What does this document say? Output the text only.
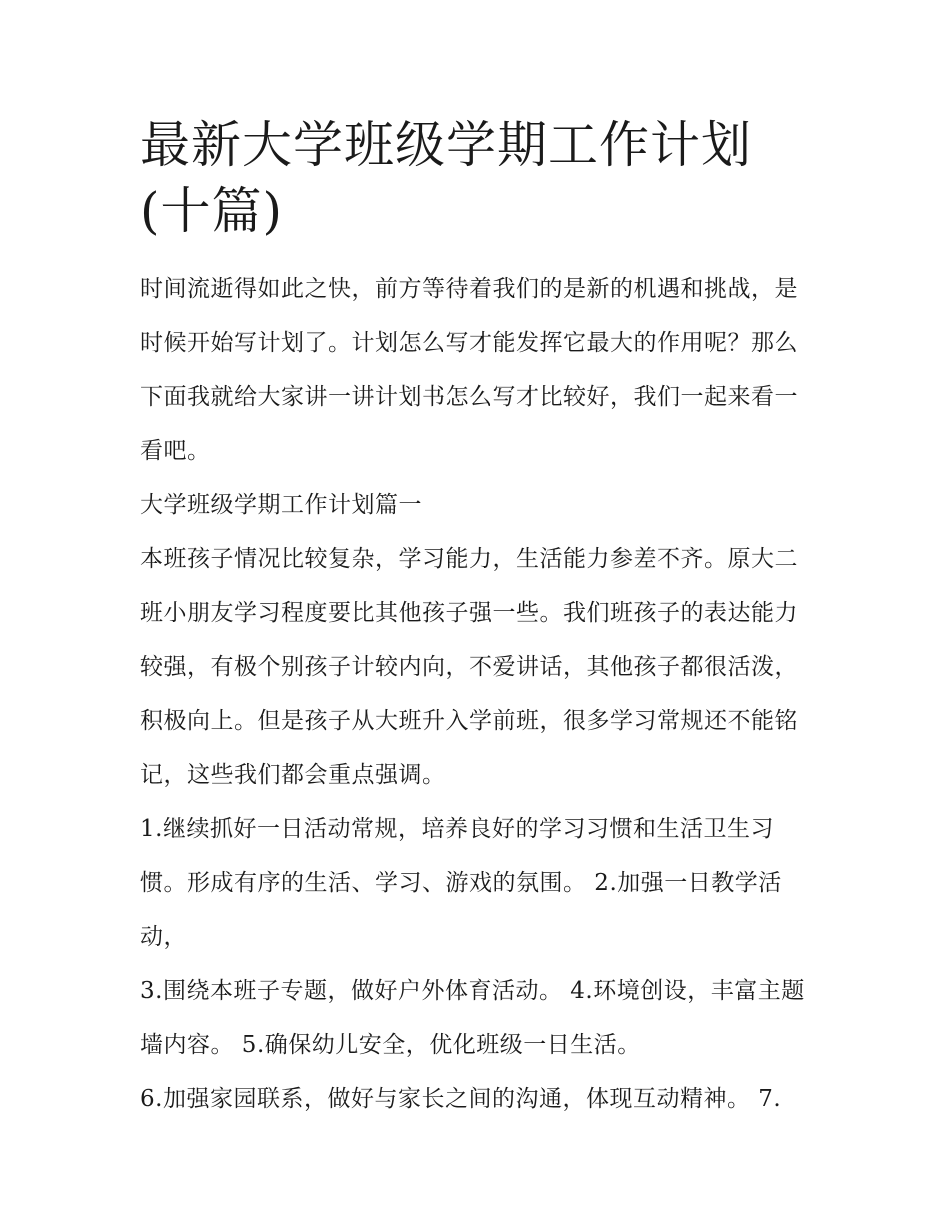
最新大学班级学期工作计划(十篇)

时间流逝得如此之快，前方等待着我们的是新的机遇和挑战，是时候开始写计划了。计划怎么写才能发挥它最大的作用呢？那么下面我就给大家讲一讲计划书怎么写才比较好，我们一起来看一看吧。

大学班级学期工作计划篇一

本班孩子情况比较复杂，学习能力，生活能力参差不齐。原大二班小朋友学习程度要比其他孩子强一些。我们班孩子的表达能力较强，有极个别孩子计较内向，不爱讲话，其他孩子都很活泼，积极向上。但是孩子从大班升入学前班，很多学习常规还不能铭记，这些我们都会重点强调。

1.继续抓好一日活动常规，培养良好的学习习惯和生活卫生习惯。形成有序的生活、学习、游戏的氛围。 2.加强一日教学活动，

3.围绕本班子专题，做好户外体育活动。 4.环境创设，丰富主题墙内容。 5.确保幼儿安全，优化班级一日生活。

6.加强家园联系，做好与家长之间的沟通，体现互动精神。 7.
